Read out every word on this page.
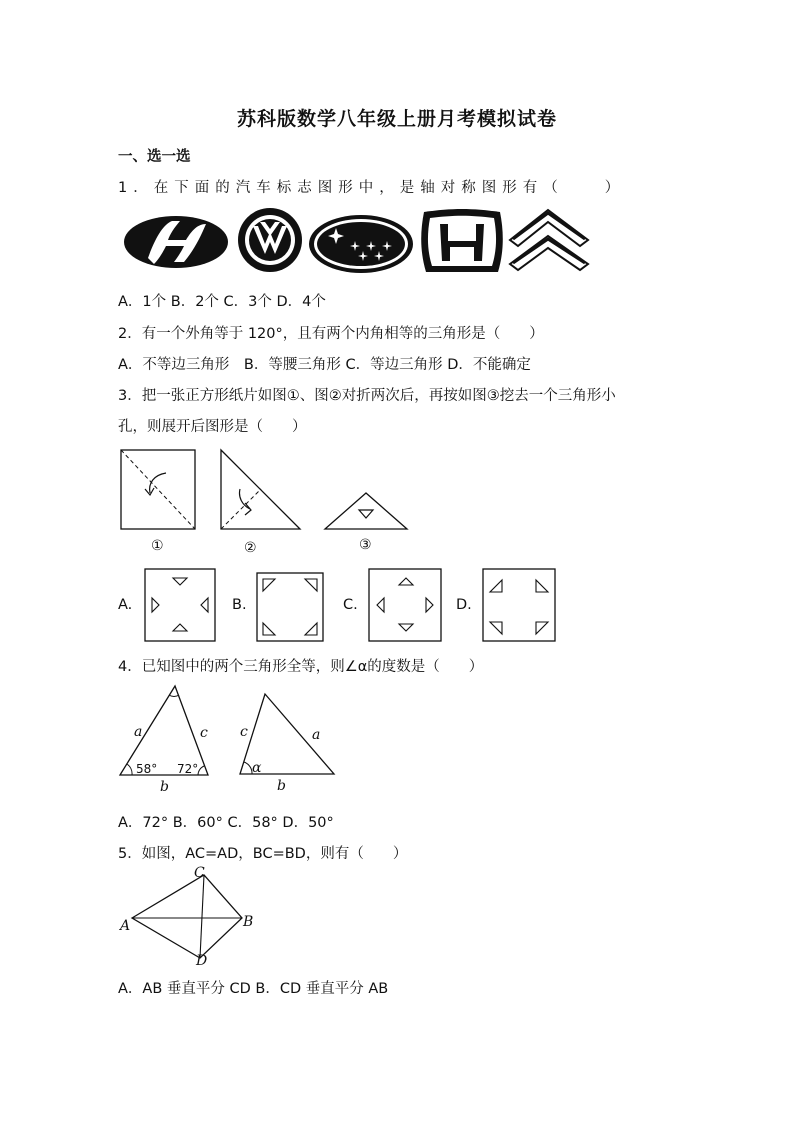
苏科版数学八年级上册月考模拟试卷
一、选一选
1．在下面的汽车标志图形中，是轴对称图形有（　　）
A．1个 B．2个 C．3个 D．4个
2．有一个外角等于 120°，且有两个内角相等的三角形是（　　）
A．不等边三角形　B．等腰三角形 C．等边三角形 D．不能确定
3．把一张正方形纸片如图①、图②对折两次后，再按如图③挖去一个三角形小
孔，则展开后图形是（　　）
①	②	③
A.	B.	C.	D.
4．已知图中的两个三角形全等，则∠α的度数是（　　）
a	c
b
58° 72°
c	a
b
α
A．72° B．60° C．58° D．50°
5．如图，AC=AD，BC=BD，则有（　　）
C
A	B
D
A．AB 垂直平分 CD B．CD 垂直平分 AB
